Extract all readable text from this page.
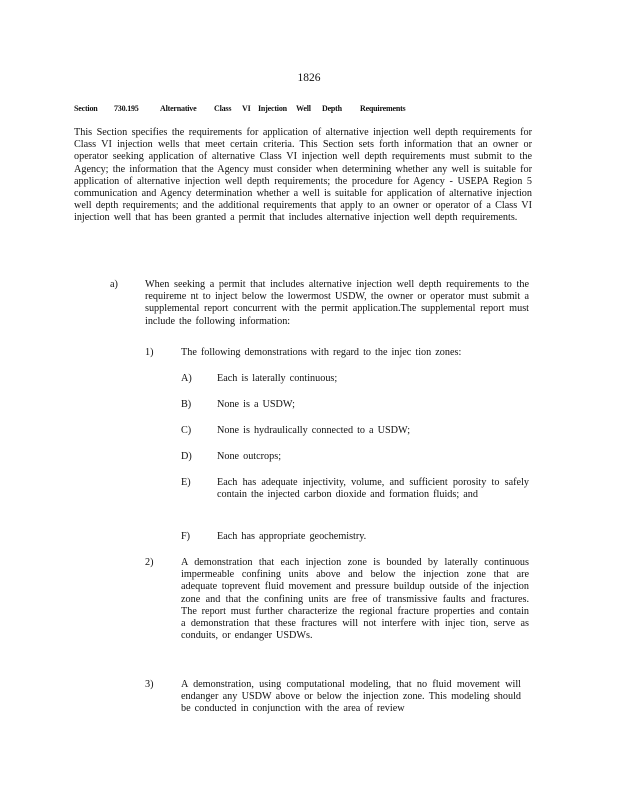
1826
Section	730.195	Alternative	Class	VI Injection	Well	Depth	Requirements
This Section specifies the requirements for application of alternative injection well depth requirements for Class VI injection wells that meet certain criteria. This Section sets forth information that an owner or operator seeking application of alternative Class VI injection well depth requirements must submit to the Agency; the information that the Agency must consider when determining whether any well is suitable for application of alternative injection well depth requirements; the procedure for Agency - USEPA Region 5 communication and Agency determination whether a well is suitable for application of alternative injection well depth requirements; and the additional requirements that apply to an owner or operator of a Class VI injection well that has been granted a permit that includes alternative injection well depth requirements.
a)	When seeking a permit that includes alternative injection well depth requirements to the requireme nt to inject below the lowermost USDW, the owner or operator must submit a supplemental report concurrent with the permit application.The supplemental report must include the following information:
1)	The following demonstrations with regard to the injec tion zones:
A) Each is laterally continuous;
B)	None is a USDW;
C)	None is hydraulically connected to a USDW;
D) None outcrops;
E)	Each has adequate injectivity, volume, and sufficient porosity to safely contain the injected carbon dioxide and formation fluids; and
F)	Each has appropriate geochemistry.
2)	A demonstration that each injection zone is bounded by laterally continuous impermeable confining units above and below the injection zone that are adequate toprevent fluid movement and pressure buildup outside of the injection zone and that the confining units are free of transmissive faults and fractures. The report must further characterize the regional fracture properties and contain a demonstration that these fractures will not interfere with injec tion, serve as conduits, or endanger USDWs.
3)	A demonstration, using computational modeling, that no fluid movement will endanger any USDW above or below the injection zone. This modeling should be conducted in conjunction with the area of review
